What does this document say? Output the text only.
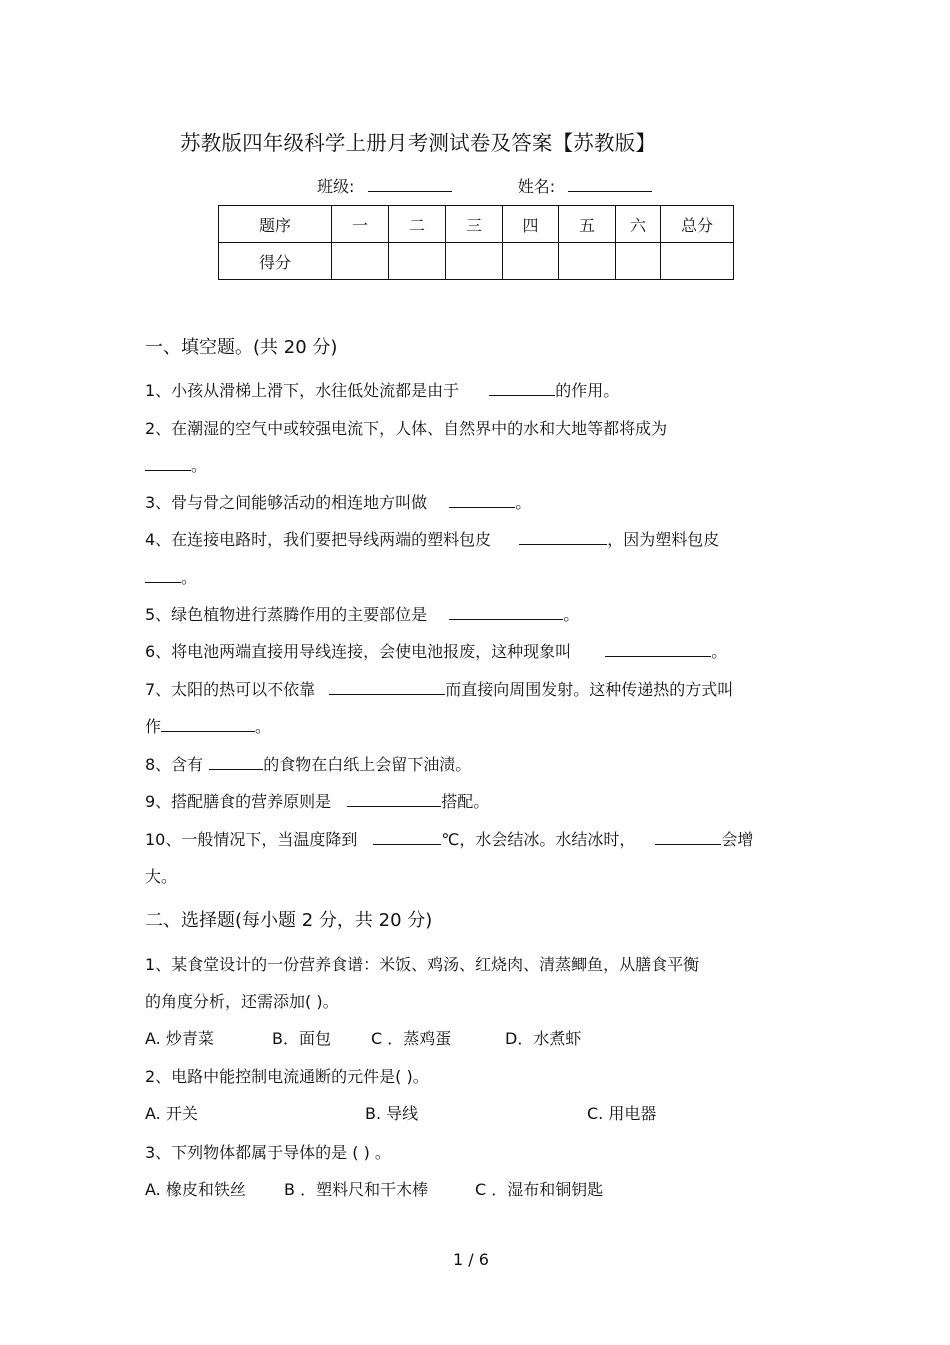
苏教版四年级科学上册月考测试卷及答案【苏教版】
班级:	姓名:
题序	一	二	三	四	五	六	总分
得分							
一、填空题。(共 20 分)
1、小孩从滑梯上滑下，水往低处流都是由于	的作用。
2、在潮湿的空气中或较强电流下，人体、自然界中的水和大地等都将成为
。
3、骨与骨之间能够活动的相连地方叫做	。
4、在连接电路时，我们要把导线两端的塑料包皮	，因为塑料包皮
。
5、绿色植物进行蒸腾作用的主要部位是	。
6、将电池两端直接用导线连接，会使电池报废，这种现象叫	。
7、太阳的热可以不依靠	而直接向周围发射。这种传递热的方式叫
作	。
8、含有	的食物在白纸上会留下油渍。
9、搭配膳食的营养原则是	搭配。
10、一般情况下，当温度降到	℃，水会结冰。水结冰时，	会增
大。
二、选择题(每小题 2 分，共 20 分)
1、某食堂设计的一份营养食谱：米饭、鸡汤、红烧肉、清蒸鲫鱼，从膳食平衡
的角度分析，还需添加( )。
A. 炒青菜	B．面包	C ．蒸鸡蛋	D．水煮虾
2、电路中能控制电流通断的元件是( )。
A. 开关	B. 导线	C. 用电器
3、下列物体都属于导体的是 ( ) 。
A. 橡皮和铁丝 B ．塑料尺和干木棒	C ．湿布和铜钥匙
1 / 6
